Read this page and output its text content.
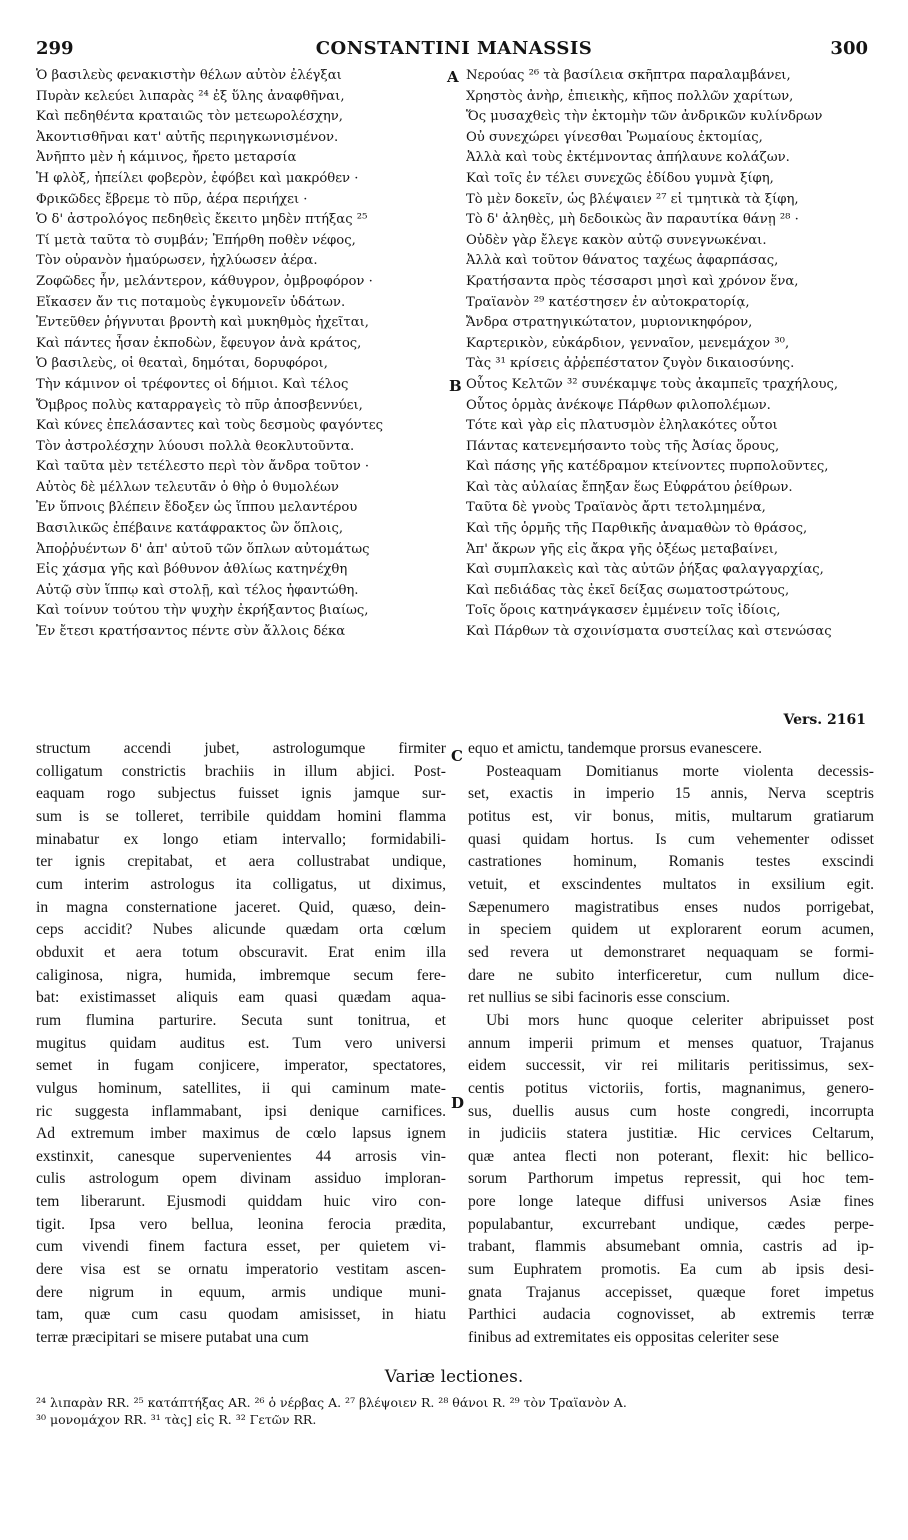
299	CONSTANTINI MANASSIS	300
Ὁ βασιλεὺς φενακιστὴν θέλων αὐτὸν ἐλέγξαι
Πυρὰν κελεύει λιπαρὰς ²⁴ ἐξ ὕλης ἀναφθῆναι,
Καὶ πεδηθέντα κραταιῶς τὸν μετεωρολέσχην,
Ἀκοντισθῆναι κατ' αὐτῆς περιηγκωνισμένον.
Ἀνῆπτο μὲν ἡ κάμινος, ἤρετο μεταρσία
Ἡ φλὸξ, ἠπείλει φοβερὸν, ἐφόβει καὶ μακρόθεν ·
Φρικῶδες ἔβρεμε τὸ πῦρ, ἀέρα περιήχει ·
Ὁ δ' ἀστρολόγος πεδηθεὶς ἔκειτο μηδὲν πτήξας ²⁵
Τί μετὰ ταῦτα τὸ συμβάν; Ἐπήρθη ποθὲν νέφος,
Τὸν οὐρανὸν ἠμαύρωσεν, ἠχλύωσεν ἀέρα.
Ζοφῶδες ἦν, μελάντερον, κάθυγρον, ὀμβροφόρον ·
Εἴκασεν ἄν τις ποταμοὺς ἐγκυμονεῖν ὑδάτων.
Ἐντεῦθεν ῥήγνυται βροντὴ καὶ μυκηθμὸς ἠχεῖται,
Καὶ πάντες ἦσαν ἐκποδὼν, ἔφευγον ἀνὰ κράτος,
Ὁ βασιλεὺς, οἱ θεαταὶ, δημόται, δορυφόροι,
Τὴν κάμινον οἱ τρέφοντες οἱ δήμιοι. Καὶ τέλος
Ὄμβρος πολὺς καταρραγεὶς τὸ πῦρ ἀποσβεννύει,
Καὶ κύνες ἐπελάσαντες καὶ τοὺς δεσμοὺς φαγόντες
Τὸν ἀστρολέσχην λύουσι πολλὰ θεοκλυτοῦντα.
Καὶ ταῦτα μὲν τετέλεστο περὶ τὸν ἄνδρα τοῦτον ·
Αὐτὸς δὲ μέλλων τελευτᾶν ὁ θὴρ ὁ θυμολέων
Ἐν ὕπνοις βλέπειν ἔδοξεν ὡς ἵππου μελαντέρου
Βασιλικῶς ἐπέβαινε κατάφρακτος ὢν ὅπλοις,
Ἀποῤῥυέντων δ' ἀπ' αὐτοῦ τῶν ὅπλων αὐτομάτως
Εἰς χάσμα γῆς καὶ βόθυνον ἀθλίως κατηνέχθη
Αὐτῷ σὺν ἵππῳ καὶ στολῇ, καὶ τέλος ἠφαντώθη.
Καὶ τοίνυν τούτου τὴν ψυχὴν ἐκρήξαντος βιαίως,
Ἐν ἔτεσι κρατήσαντος πέντε σὺν ἄλλοις δέκα
Νερούας ²⁶ τὰ βασίλεια σκῆπτρα παραλαμβάνει,
Χρηστὸς ἀνὴρ, ἐπιεικὴς, κῆπος πολλῶν χαρίτων,
Ὅς μυσαχθεὶς τὴν ἐκτομὴν τῶν ἀνδρικῶν κυλίνδρων
Οὐ συνεχώρει γίνεσθαι Ῥωμαίους ἐκτομίας,
Ἀλλὰ καὶ τοὺς ἐκτέμνοντας ἀπήλαυνε κολάζων.
Καὶ τοῖς ἐν τέλει συνεχῶς ἐδίδου γυμνὰ ξίφη,
Τὸ μὲν δοκεῖν, ὡς βλέψαιεν ²⁷ εἰ τμητικὰ τὰ ξίφη,
Τὸ δ' ἀληθὲς, μὴ δεδοικὼς ἂν παραυτίκα θάνῃ ²⁸ ·
Οὐδὲν γὰρ ἔλεγε κακὸν αὐτῷ συνεγνωκέναι.
Ἀλλὰ καὶ τοῦτον θάνατος ταχέως ἀφαρπάσας,
Κρατήσαντα πρὸς τέσσαρσι μησὶ καὶ χρόνον ἕνα,
Τραϊανὸν ²⁹ κατέστησεν ἐν αὐτοκρατορίᾳ,
Ἄνδρα στρατηγικώτατον, μυριονικηφόρον,
Καρτερικὸν, εὐκάρδιον, γενναῖον, μενεμάχον ³⁰,
Τὰς ³¹ κρίσεις ἀῤῥεπέστατον ζυγὸν δικαιοσύνης.
Οὗτος Κελτῶν ³² συνέκαμψε τοὺς ἀκαμπεῖς τραχήλους,
Οὗτος ὁρμὰς ἀνέκοψε Πάρθων φιλοπολέμων.
Τότε καὶ γὰρ εἰς πλατυσμὸν ἐληλακότες οὗτοι
Πάντας κατενεμήσαντο τοὺς τῆς Ἀσίας ὅρους,
Καὶ πάσης γῆς κατέδραμον κτείνοντες πυρπολοῦντες,
Καὶ τὰς αὐλαίας ἔπηξαν ἕως Εὐφράτου ῥείθρων.
Ταῦτα δὲ γνοὺς Τραϊανὸς ἄρτι τετολμημένα,
Καὶ τῆς ὁρμῆς τῆς Παρθικῆς ἀναμαθὼν τὸ θράσος,
Ἀπ' ἄκρων γῆς εἰς ἄκρα γῆς ὀξέως μεταβαίνει,
Καὶ συμπλακεὶς καὶ τὰς αὐτῶν ῥήξας φαλαγγαρχίας,
Καὶ πεδιάδας τὰς ἐκεῖ δείξας σωματοστρώτους,
Τοῖς ὅροις κατηνάγκασεν ἐμμένειν τοῖς ἰδίοις,
Καὶ Πάρθων τὰ σχοινίσματα συστείλας καὶ στενώσας
Vers. 2161
structum accendi jubet, astrologumque firmiter
colligatum constrictis brachiis in illum abjici. Post-
eaquam rogo subjectus fuisset ignis jamque sur-
sum is se tolleret, terribile quiddam homini flamma
minabatur ex longo etiam intervallo; formidabili-
ter ignis crepitabat, et aera collustrabat undique,
cum interim astrologus ita colligatus, ut diximus,
in magna consternatione jaceret. Quid, quæso, dein-
ceps accidit? Nubes alicunde quædam orta cœlum
obduxit et aera totum obscuravit. Erat enim illa
caliginosa, nigra, humida, imbremque secum fere-
bat: existimasset aliquis eam quasi quædam aqua-
rum flumina parturire. Secuta sunt tonitrua, et
mugitus quidam auditus est. Tum vero universi
semet in fugam conjicere, imperator, spectatores,
vulgus hominum, satellites, ii qui caminum mate-
ric suggesta inflammabant, ipsi denique carnifices.
Ad extremum imber maximus de cœlo lapsus ignem
exstinxit, canesque supervenientes 44 arrosis vin-
culis astrologum opem divinam assiduo imploran-
tem liberarunt. Ejusmodi quiddam huic viro con-
tigit. Ipsa vero bellua, leonina ferocia prædita,
cum vivendi finem factura esset, per quietem vi-
dere visa est se ornatu imperatorio vestitam ascen-
dere nigrum in equum, armis undique muni-
tam, quæ cum casu quodam amisisset, in hiatu
terræ præcipitari se misere putabat una cum
equo et amictu, tandemque prorsus evanescere.
Posteaquam Domitianus morte violenta decessis-
set, exactis in imperio 15 annis, Nerva sceptris
potitus est, vir bonus, mitis, multarum gratiarum
quasi quidam hortus. Is cum vehementer odisset
castrationes hominum, Romanis testes exscindi
vetuit, et exscindentes multatos in exsilium egit.
Sæpenumero magistratibus enses nudos porrigebat,
in speciem quidem ut explorarent eorum acumen,
sed revera ut demonstraret nequaquam se formi-
dare ne subito interficeretur, cum nullum dice-
ret nullius se sibi facinoris esse conscium.
Ubi mors hunc quoque celeriter abripuisset post
annum imperii primum et menses quatuor, Trajanus
eidem successit, vir rei militaris peritissimus, sex-
centis potitus victoriis, fortis, magnanimus, genero-
sus, duellis ausus cum hoste congredi, incorrupta
in judiciis statera justitiæ. Hic cervices Celtarum,
quæ antea flecti non poterant, flexit: hic bellico-
sorum Parthorum impetus repressit, qui hoc tem-
pore longe lateque diffusi universos Asiæ fines
populabantur, excurrebant undique, cædes perpe-
trabant, flammis absumebant omnia, castris ad ip-
sum Euphratem promotis. Ea cum ab ipsis desi-
gnata Trajanus accepisset, quæque foret impetus
Parthici audacia cognovisset, ab extremis terræ
finibus ad extremitates eis oppositas celeriter sese
A
B
C
D
Variæ lectiones.
²⁴ λιπαρὰν RR. ²⁵ κατάπτήξας AR. ²⁶ ὁ νέρβας A. ²⁷ βλέψοιεν R. ²⁸ θάνοι R. ²⁹ τὸν Τραϊανὸν A.
³⁰ μονομάχον RR. ³¹ τὰς] εἰς R. ³² Γετῶν RR.
